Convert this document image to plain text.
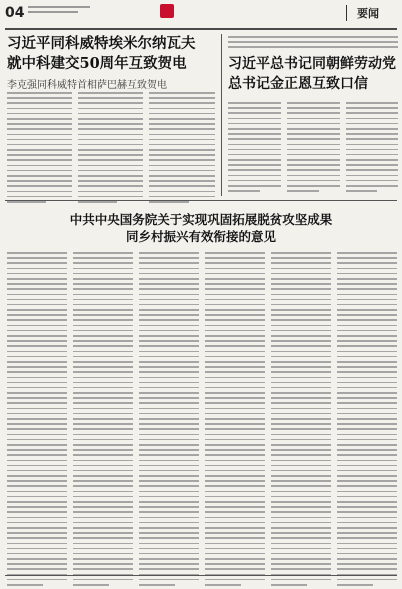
04
	要闻
习近平同科威特埃米尔纳瓦夫
就中科建交50周年互致贺电
李克强同科威特首相萨巴赫互致贺电
习近平总书记同朝鲜劳动党
总书记金正恩互致口信
中共中央国务院关于实现巩固拓展脱贫攻坚成果
同乡村振兴有效衔接的意见
